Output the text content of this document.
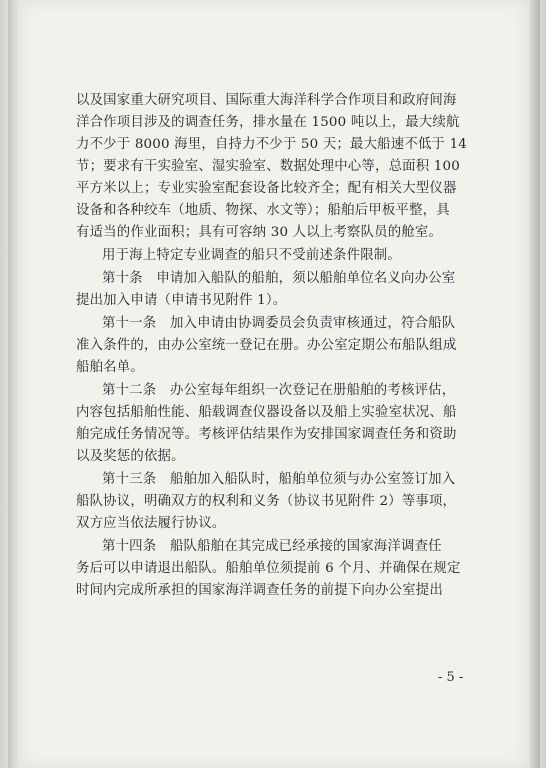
以及国家重大研究项目、国际重大海洋科学合作项目和政府间海
洋合作项目涉及的调查任务，排水量在 1500 吨以上，最大续航
力不少于 8000 海里，自持力不少于 50 天；最大船速不低于 14
节；要求有干实验室、湿实验室、数据处理中心等，总面积 100
平方米以上；专业实验室配套设备比较齐全；配有相关大型仪器
设备和各种绞车（地质、物探、水文等）；船舶后甲板平整，具
有适当的作业面积；具有可容纳 30 人以上考察队员的舱室。
用于海上特定专业调查的船只不受前述条件限制。
第十条　申请加入船队的船舶，须以船舶单位名义向办公室
提出加入申请（申请书见附件 1）。
第十一条　加入申请由协调委员会负责审核通过，符合船队
准入条件的，由办公室统一登记在册。办公室定期公布船队组成
船舶名单。
第十二条　办公室每年组织一次登记在册船舶的考核评估，
内容包括船舶性能、船载调查仪器设备以及船上实验室状况、船
舶完成任务情况等。考核评估结果作为安排国家调查任务和资助
以及奖惩的依据。
第十三条　船舶加入船队时，船舶单位须与办公室签订加入
船队协议，明确双方的权利和义务（协议书见附件 2）等事项，
双方应当依法履行协议。
第十四条　船队船舶在其完成已经承接的国家海洋调查任
务后可以申请退出船队。船舶单位须提前 6 个月、并确保在规定
时间内完成所承担的国家海洋调查任务的前提下向办公室提出
- 5 -
